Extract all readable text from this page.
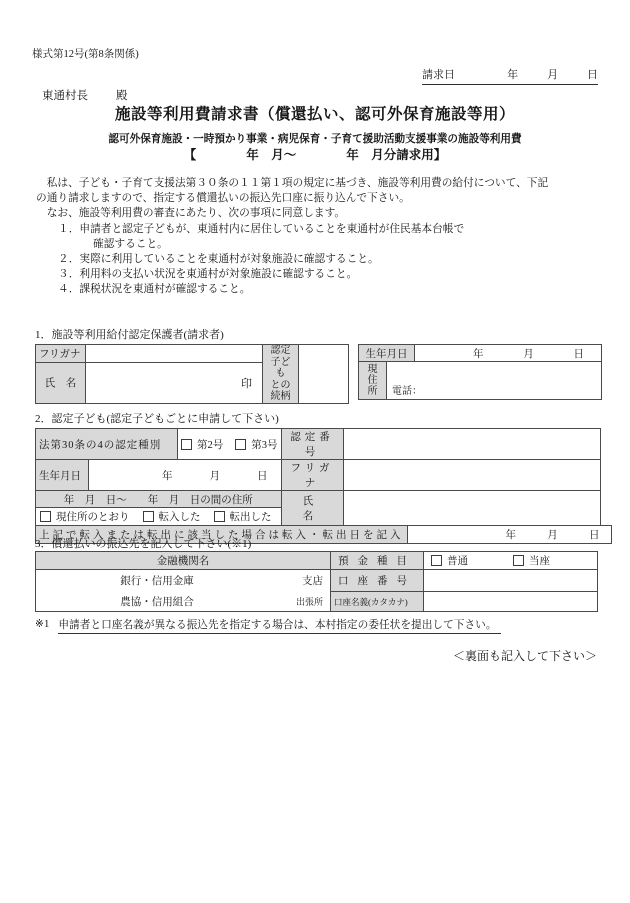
様式第12号(第8条関係)
請求日	年	月	日
東通村長 殿
施設等利用費請求書（償還払い、認可外保育施設等用）
認可外保育施設・一時預かり事業・病児保育・子育て援助活動支援事業の施設等利用費
【　　　　年　月～　　　　年　月分請求用】
　私は、子ども・子育て支援法第３０条の１１第１項の規定に基づき、施設等利用費の給付について、下記
の通り請求しますので、指定する償還払いの振込先口座に振り込んで下さい。
　なお、施設等利用費の審査にあたり、次の事項に同意します。
１．申請者と認定子どもが、東通村内に居住していることを東通村が住民基本台帳で
確認すること。
２．実際に利用していることを東通村が対象施設に確認すること。
３．利用料の支払い状況を東通村が対象施設に確認すること。
４．課税状況を東通村が確認すること。
1．施設等利用給付認定保護者(請求者)
フリガナ		認定
子ども
との
続柄	

氏　名	印		
生年月日		年 月 日

現
住
所	電話：	
2．認定子ども(認定子どもごとに申請して下さい)
法第30条の4の認定種別		第2号 第3号	認定番号	
生年月日	年 月 日		フリガナ	
年　月　日～　　年　月　日の間の住所			氏　名	

現住所のとおり 転入した 転出した				
上記で転入または転出に該当した場合は転入・転出日を記入	年	月	日
3．償還払いの振込先を記入して下さい(※1)
金融機関名	預金種目	普通 当座

銀行・信用金庫 支店	口座番号	

農協・信用組合 出張所	口座名義(カタカナ)	
※1 申請者と口座名義が異なる振込先を指定する場合は、本村指定の委任状を提出して下さい。
＜裏面も記入して下さい＞
